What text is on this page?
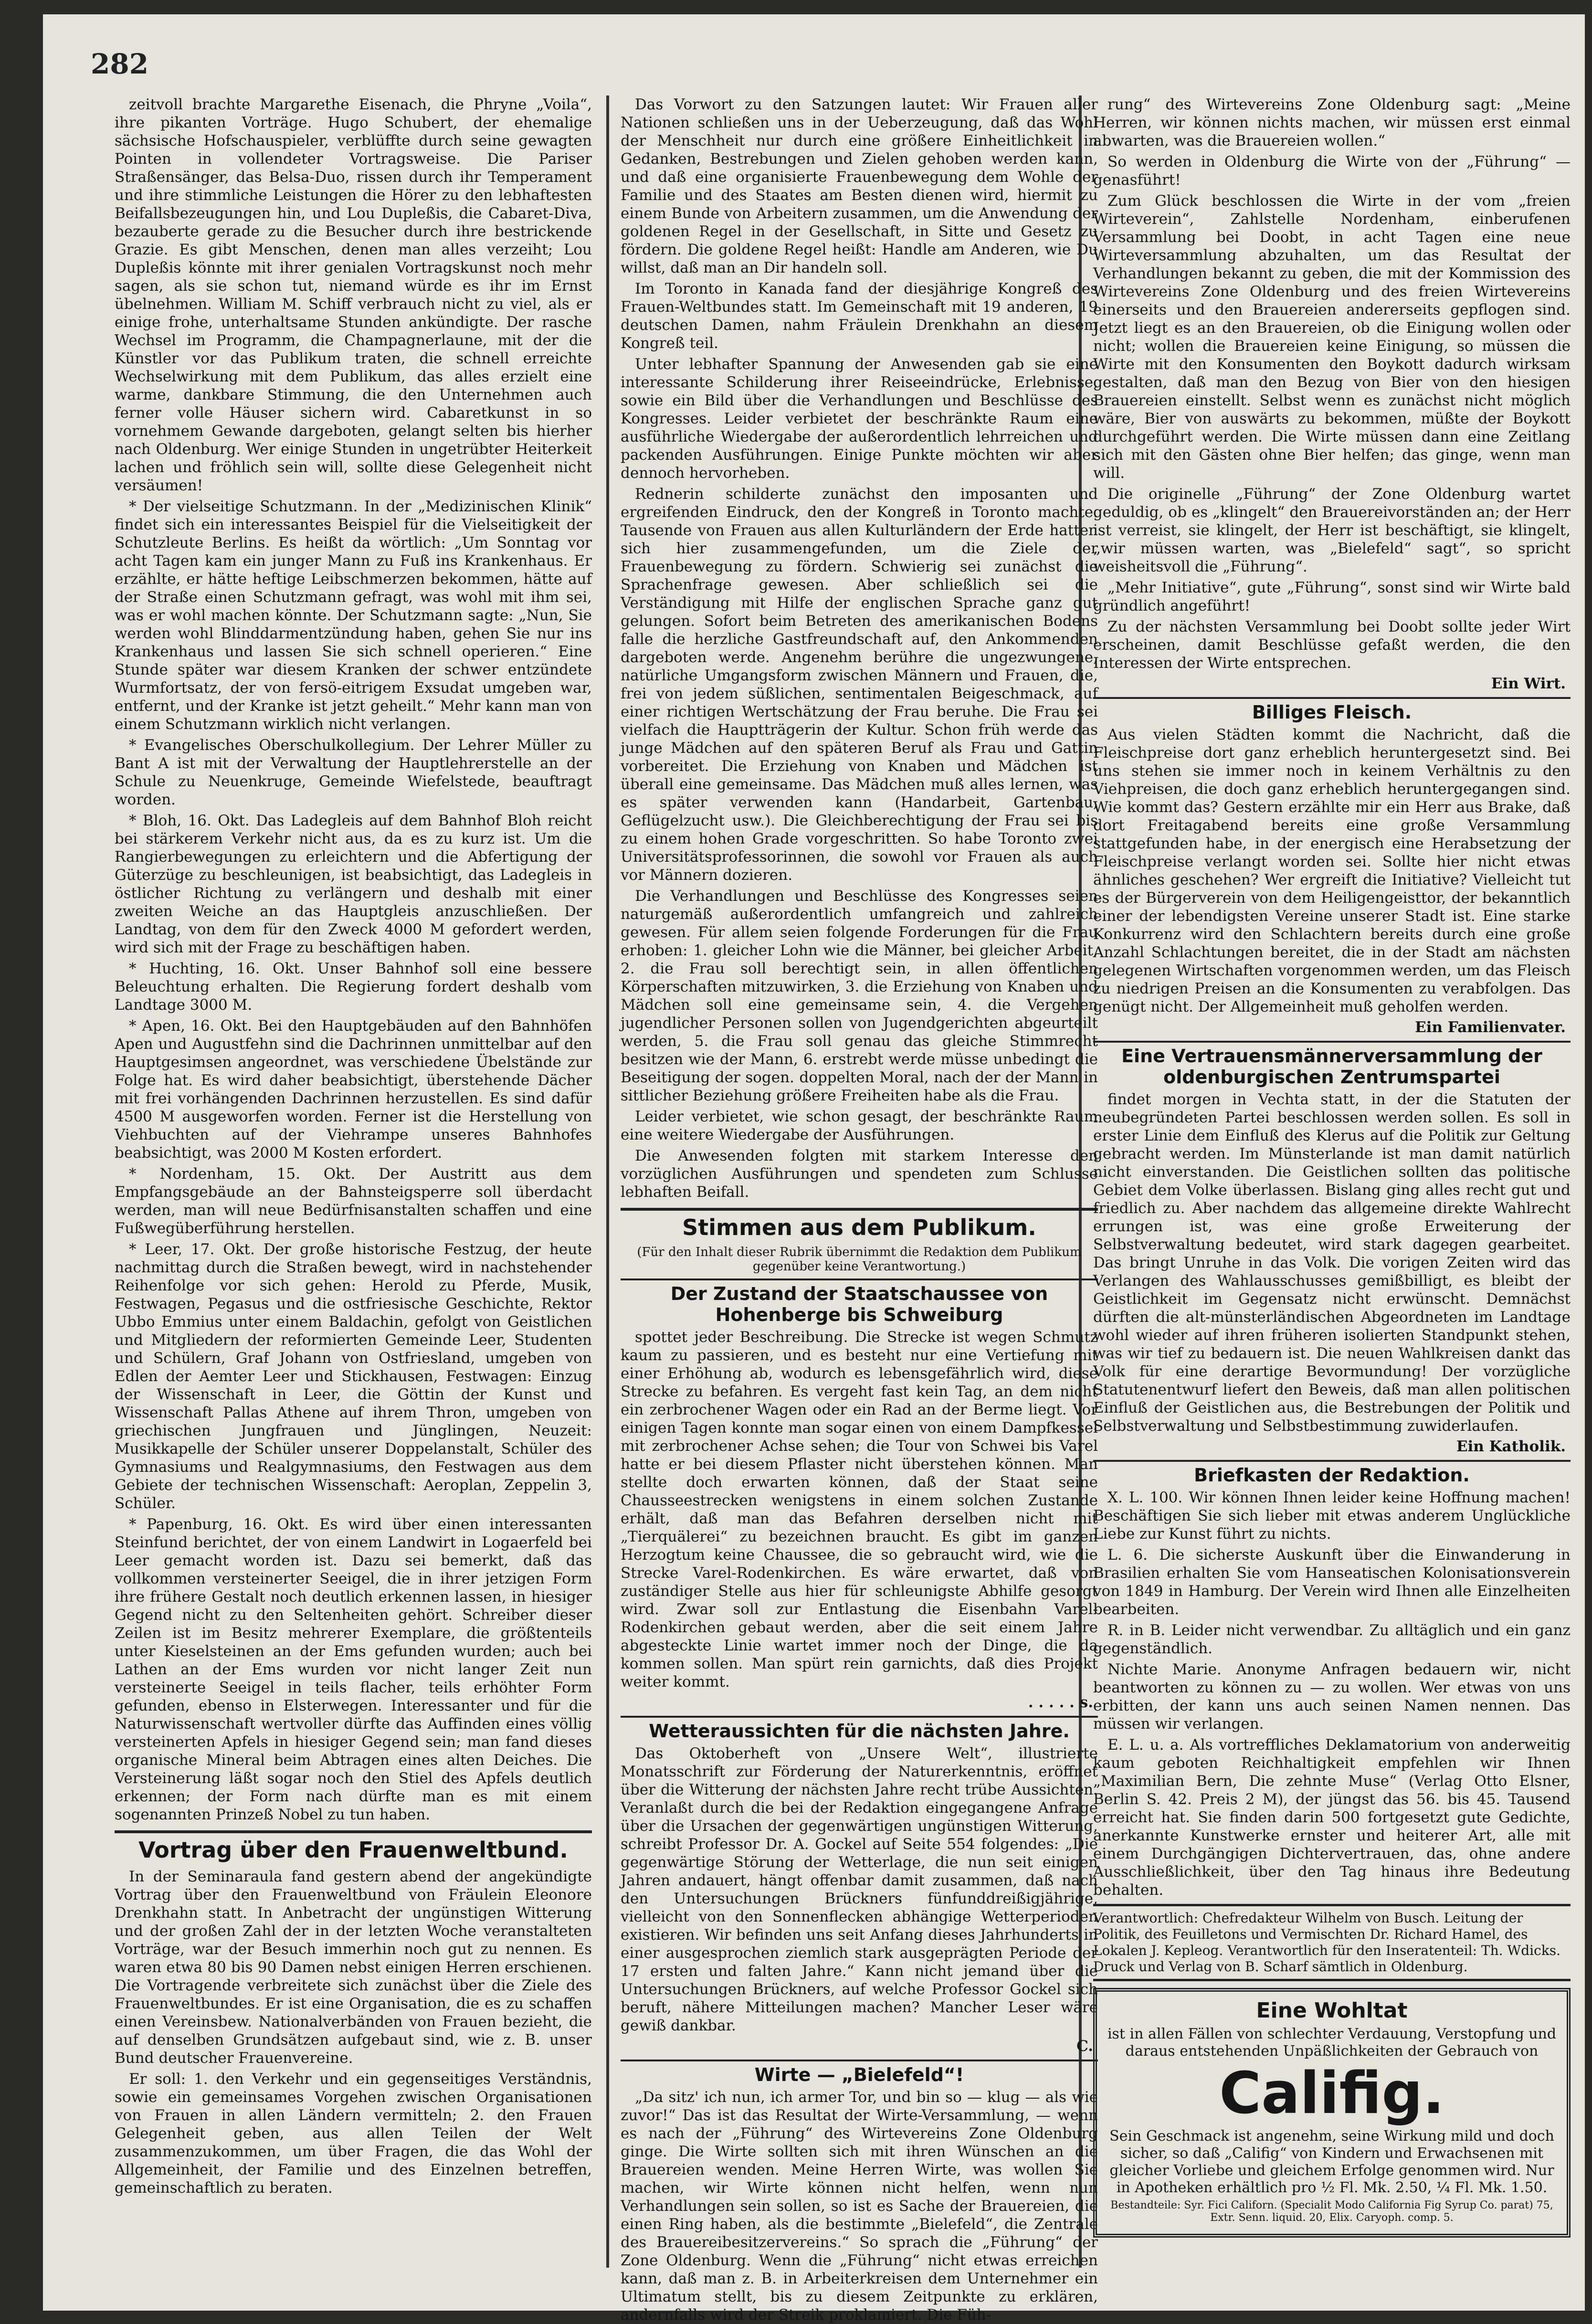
282

zeitvoll brachte Margarethe Eisenach, die Phryne „Voila“, ihre pikanten Vorträge. Hugo Schubert, der ehemalige sächsische Hofschauspieler, verblüffte durch seine gewagten Pointen in vollendeter Vortragsweise. Die Pariser Straßensänger, das Belsa-Duo, rissen durch ihr Temperament und ihre stimmliche Leistungen die Hörer zu den lebhaftesten Beifallsbezeugungen hin, und Lou Dupleßis, die Cabaret-Diva, bezauberte gerade zu die Besucher durch ihre bestrickende Grazie. Es gibt Menschen, denen man alles verzeiht; Lou Dupleßis könnte mit ihrer genialen Vortragskunst noch mehr sagen, als sie schon tut, niemand würde es ihr im Ernst übelnehmen. William M. Schiff verbrauch nicht zu viel, als er einige frohe, unterhaltsame Stunden ankündigte. Der rasche Wechsel im Programm, die Champagnerlaune, mit der die Künstler vor das Publikum traten, die schnell erreichte Wechselwirkung mit dem Publikum, das alles erzielt eine warme, dankbare Stimmung, die den Unternehmen auch ferner volle Häuser sichern wird. Cabaretkunst in so vornehmem Gewande dargeboten, gelangt selten bis hierher nach Oldenburg. Wer einige Stunden in ungetrübter Heiterkeit lachen und fröhlich sein will, sollte diese Gelegenheit nicht versäumen!

* Der vielseitige Schutzmann. In der „Medizinischen Klinik“ findet sich ein interessantes Beispiel für die Vielseitigkeit der Schutzleute Berlins. Es heißt da wörtlich: „Um Sonntag vor acht Tagen kam ein junger Mann zu Fuß ins Krankenhaus. Er erzählte, er hätte heftige Leibschmerzen bekommen, hätte auf der Straße einen Schutzmann gefragt, was wohl mit ihm sei, was er wohl machen könnte. Der Schutzmann sagte: „Nun, Sie werden wohl Blinddarmentzündung haben, gehen Sie nur ins Krankenhaus und lassen Sie sich schnell operieren.“ Eine Stunde später war diesem Kranken der schwer entzündete Wurmfortsatz, der von fersö-eitrigem Exsudat umgeben war, entfernt, und der Kranke ist jetzt geheilt.“ Mehr kann man von einem Schutzmann wirklich nicht verlangen.

* Evangelisches Oberschulkollegium. Der Lehrer Müller zu Bant A ist mit der Verwaltung der Hauptlehrerstelle an der Schule zu Neuenkruge, Gemeinde Wiefelstede, beauftragt worden.

* Bloh, 16. Okt. Das Ladegleis auf dem Bahnhof Bloh reicht bei stärkerem Verkehr nicht aus, da es zu kurz ist. Um die Rangierbewegungen zu erleichtern und die Abfertigung der Güterzüge zu beschleunigen, ist beabsichtigt, das Ladegleis in östlicher Richtung zu verlängern und deshalb mit einer zweiten Weiche an das Hauptgleis anzuschließen. Der Landtag, von dem für den Zweck 4000 M gefordert werden, wird sich mit der Frage zu beschäftigen haben.

* Huchting, 16. Okt. Unser Bahnhof soll eine bessere Beleuchtung erhalten. Die Regierung fordert deshalb vom Landtage 3000 M.

* Apen, 16. Okt. Bei den Hauptgebäuden auf den Bahnhöfen Apen und Augustfehn sind die Dachrinnen unmittelbar auf den Hauptgesimsen angeordnet, was verschiedene Übelstände zur Folge hat. Es wird daher beabsichtigt, überstehende Dächer mit frei vorhängenden Dachrinnen herzustellen. Es sind dafür 4500 M ausgeworfen worden. Ferner ist die Herstellung von Viehbuchten auf der Viehrampe unseres Bahnhofes beabsichtigt, was 2000 M Kosten erfordert.

* Nordenham, 15. Okt. Der Austritt aus dem Empfangsgebäude an der Bahnsteigsperre soll überdacht werden, man will neue Bedürfnisanstalten schaffen und eine Fußwegüberführung herstellen.

* Leer, 17. Okt. Der große historische Festzug, der heute nachmittag durch die Straßen bewegt, wird in nachstehender Reihenfolge vor sich gehen: Herold zu Pferde, Musik, Festwagen, Pegasus und die ostfriesische Geschichte, Rektor Ubbo Emmius unter einem Baldachin, gefolgt von Geistlichen und Mitgliedern der reformierten Gemeinde Leer, Studenten und Schülern, Graf Johann von Ostfriesland, umgeben von Edlen der Aemter Leer und Stickhausen, Festwagen: Einzug der Wissenschaft in Leer, die Göttin der Kunst und Wissenschaft Pallas Athene auf ihrem Thron, umgeben von griechischen Jungfrauen und Jünglingen, Neuzeit: Musikkapelle der Schüler unserer Doppelanstalt, Schüler des Gymnasiums und Realgymnasiums, den Festwagen aus dem Gebiete der technischen Wissenschaft: Aeroplan, Zeppelin 3, Schüler.

* Papenburg, 16. Okt. Es wird über einen interessanten Steinfund berichtet, der von einem Landwirt in Logaerfeld bei Leer gemacht worden ist. Dazu sei bemerkt, daß das vollkommen versteinerter Seeigel, die in ihrer jetzigen Form ihre frühere Gestalt noch deutlich erkennen lassen, in hiesiger Gegend nicht zu den Seltenheiten gehört. Schreiber dieser Zeilen ist im Besitz mehrerer Exemplare, die größtenteils unter Kieselsteinen an der Ems gefunden wurden; auch bei Lathen an der Ems wurden vor nicht langer Zeit nun versteinerte Seeigel in teils flacher, teils erhöhter Form gefunden, ebenso in Elsterwegen. Interessanter und für die Naturwissenschaft wertvoller dürfte das Auffinden eines völlig versteinerten Apfels in hiesiger Gegend sein; man fand dieses organische Mineral beim Abtragen eines alten Deiches. Die Versteinerung läßt sogar noch den Stiel des Apfels deutlich erkennen; der Form nach dürfte man es mit einem sogenannten Prinzeß Nobel zu tun haben.

Vortrag über den Frauenweltbund.

In der Seminaraula fand gestern abend der angekündigte Vortrag über den Frauenweltbund von Fräulein Eleonore Drenkhahn statt. In Anbetracht der ungünstigen Witterung und der großen Zahl der in der letzten Woche veranstalteten Vorträge, war der Besuch immerhin noch gut zu nennen. Es waren etwa 80 bis 90 Damen nebst einigen Herren erschienen. Die Vortragende verbreitete sich zunächst über die Ziele des Frauenweltbundes. Er ist eine Organisation, die es zu schaffen einen Vereinsbew. Nationalverbänden von Frauen bezieht, die auf denselben Grundsätzen aufgebaut sind, wie z. B. unser Bund deutscher Frauenvereine.

Er soll: 1. den Verkehr und ein gegenseitiges Verständnis, sowie ein gemeinsames Vorgehen zwischen Organisationen von Frauen in allen Ländern vermitteln; 2. den Frauen Gelegenheit geben, aus allen Teilen der Welt zusammenzukommen, um über Fragen, die das Wohl der Allgemeinheit, der Familie und des Einzelnen betreffen, gemeinschaftlich zu beraten.

Das Vorwort zu den Satzungen lautet: Wir Frauen aller Nationen schließen uns in der Ueberzeugung, daß das Wohl der Menschheit nur durch eine größere Einheitlichkeit in Gedanken, Bestrebungen und Zielen gehoben werden kann, und daß eine organisierte Frauenbewegung dem Wohle der Familie und des Staates am Besten dienen wird, hiermit zu einem Bunde von Arbeitern zusammen, um die Anwendung der goldenen Regel in der Gesellschaft, in Sitte und Gesetz zu fördern. Die goldene Regel heißt: Handle am Anderen, wie Du willst, daß man an Dir handeln soll.

Im Toronto in Kanada fand der diesjährige Kongreß des Frauen-Weltbundes statt. Im Gemeinschaft mit 19 anderen, 19 deutschen Damen, nahm Fräulein Drenkhahn an diesem Kongreß teil.

Unter lebhafter Spannung der Anwesenden gab sie eine interessante Schilderung ihrer Reiseeindrücke, Erlebnisse, sowie ein Bild über die Verhandlungen und Beschlüsse des Kongresses. Leider verbietet der beschränkte Raum eine ausführliche Wiedergabe der außerordentlich lehrreichen und packenden Ausführungen. Einige Punkte möchten wir aber dennoch hervorheben.

Rednerin schilderte zunächst den imposanten und ergreifenden Eindruck, den der Kongreß in Toronto machte. Tausende von Frauen aus allen Kulturländern der Erde hatten sich hier zusammengefunden, um die Ziele der Frauenbewegung zu fördern. Schwierig sei zunächst die Sprachenfrage gewesen. Aber schließlich sei die Verständigung mit Hilfe der englischen Sprache ganz gut gelungen. Sofort beim Betreten des amerikanischen Bodens falle die herzliche Gastfreundschaft auf, den Ankommenden dargeboten werde. Angenehm berühre die ungezwungene, natürliche Umgangsform zwischen Männern und Frauen, die, frei von jedem süßlichen, sentimentalen Beigeschmack, auf einer richtigen Wertschätzung der Frau beruhe. Die Frau sei vielfach die Hauptträgerin der Kultur. Schon früh werde das junge Mädchen auf den späteren Beruf als Frau und Gattin vorbereitet. Die Erziehung von Knaben und Mädchen ist überall eine gemeinsame. Das Mädchen muß alles lernen, was es später verwenden kann (Handarbeit, Gartenbau, Geflügelzucht usw.). Die Gleichberechtigung der Frau sei bis zu einem hohen Grade vorgeschritten. So habe Toronto zwei Universitätsprofessorinnen, die sowohl vor Frauen als auch vor Männern dozieren.

Die Verhandlungen und Beschlüsse des Kongresses seien naturgemäß außerordentlich umfangreich und zahlreich gewesen. Für allem seien folgende Forderungen für die Frau erhoben: 1. gleicher Lohn wie die Männer, bei gleicher Arbeit, 2. die Frau soll berechtigt sein, in allen öffentlichen Körperschaften mitzuwirken, 3. die Erziehung von Knaben und Mädchen soll eine gemeinsame sein, 4. die Vergehen jugendlicher Personen sollen von Jugendgerichten abgeurteilt werden, 5. die Frau soll genau das gleiche Stimmrecht besitzen wie der Mann, 6. erstrebt werde müsse unbedingt die Beseitigung der sogen. doppelten Moral, nach der der Mann in sittlicher Beziehung größere Freiheiten habe als die Frau.

Leider verbietet, wie schon gesagt, der beschränkte Raum eine weitere Wiedergabe der Ausführungen.

Die Anwesenden folgten mit starkem Interesse den vorzüglichen Ausführungen und spendeten zum Schlusse lebhaften Beifall.

Stimmen aus dem Publikum.

(Für den Inhalt dieser Rubrik übernimmt die Redaktion dem Publikum gegenüber keine Verantwortung.)

Der Zustand der Staatschaussee von Hohenberge bis Schweiburg

spottet jeder Beschreibung. Die Strecke ist wegen Schmutz kaum zu passieren, und es besteht nur eine Vertiefung mit einer Erhöhung ab, wodurch es lebensgefährlich wird, diese Strecke zu befahren. Es vergeht fast kein Tag, an dem nicht ein zerbrochener Wagen oder ein Rad an der Berme liegt. Vor einigen Tagen konnte man sogar einen von einem Dampfkessel mit zerbrochener Achse sehen; die Tour von Schwei bis Varel hatte er bei diesem Pflaster nicht überstehen können. Man stellte doch erwarten können, daß der Staat seine Chausseestrecken wenigstens in einem solchen Zustande erhält, daß man das Befahren derselben nicht mit „Tierquälerei“ zu bezeichnen braucht. Es gibt im ganzen Herzogtum keine Chaussee, die so gebraucht wird, wie die Strecke Varel-Rodenkirchen. Es wäre erwartet, daß von zuständiger Stelle aus hier für schleunigste Abhilfe gesorgt wird. Zwar soll zur Entlastung die Eisenbahn Varel-Rodenkirchen gebaut werden, aber die seit einem Jahre abgesteckte Linie wartet immer noch der Dinge, die da kommen sollen. Man spürt rein garnichts, daß dies Projekt weiter kommt.

. . . . . s.

Wetteraussichten für die nächsten Jahre.

Das Oktoberheft von „Unsere Welt“, illustrierte Monatsschrift zur Förderung der Naturerkenntnis, eröffnet über die Witterung der nächsten Jahre recht trübe Aussichten. Veranlaßt durch die bei der Redaktion eingegangene Anfrage über die Ursachen der gegenwärtigen ungünstigen Witterung, schreibt Professor Dr. A. Gockel auf Seite 554 folgendes: „Die gegenwärtige Störung der Wetterlage, die nun seit einigen Jahren andauert, hängt offenbar damit zusammen, daß nach den Untersuchungen Brückners fünfunddreißigjährige, vielleicht von den Sonnenflecken abhängige Wetterperioden existieren. Wir befinden uns seit Anfang dieses Jahrhunderts in einer ausgesprochen ziemlich stark ausgeprägten Periode der 17 ersten und falten Jahre.“ Kann nicht jemand über die Untersuchungen Brückners, auf welche Professor Gockel sich beruft, nähere Mitteilungen machen? Mancher Leser wäre gewiß dankbar.

C.

Wirte — „Bielefeld“!

„Da sitz' ich nun, ich armer Tor, und bin so — klug — als wie zuvor!“ Das ist das Resultat der Wirte-Versammlung, — wenn es nach der „Führung“ des Wirtevereins Zone Oldenburg ginge. Die Wirte sollten sich mit ihren Wünschen an die Brauereien wenden. Meine Herren Wirte, was wollen Sie machen, wir Wirte können nicht helfen, wenn nun Verhandlungen sein sollen, so ist es Sache der Brauereien, die einen Ring haben, als die bestimmte „Bielefeld“, die Zentrale des Brauereibesitzervereins.“ So sprach die „Führung“ der Zone Oldenburg. Wenn die „Führung“ nicht etwas erreichen kann, daß man z. B. in Arbeiterkreisen dem Unternehmer ein Ultimatum stellt, bis zu diesem Zeitpunkte zu erklären, andernfalls wird der Streik proklamiert. Die Füh-

rung“ des Wirtevereins Zone Oldenburg sagt: „Meine Herren, wir können nichts machen, wir müssen erst einmal abwarten, was die Brauereien wollen.“

So werden in Oldenburg die Wirte von der „Führung“ — genasführt!

Zum Glück beschlossen die Wirte in der vom „freien Wirteverein“, Zahlstelle Nordenham, einberufenen Versammlung bei Doobt, in acht Tagen eine neue Wirteversammlung abzuhalten, um das Resultat der Verhandlungen bekannt zu geben, die mit der Kommission des Wirtevereins Zone Oldenburg und des freien Wirtevereins einerseits und den Brauereien andererseits gepflogen sind. Jetzt liegt es an den Brauereien, ob die Einigung wollen oder nicht; wollen die Brauereien keine Einigung, so müssen die Wirte mit den Konsumenten den Boykott dadurch wirksam gestalten, daß man den Bezug von Bier von den hiesigen Brauereien einstellt. Selbst wenn es zunächst nicht möglich wäre, Bier von auswärts zu bekommen, müßte der Boykott durchgeführt werden. Die Wirte müssen dann eine Zeitlang sich mit den Gästen ohne Bier helfen; das ginge, wenn man will.

Die originelle „Führung“ der Zone Oldenburg wartet geduldig, ob es „klingelt“ den Brauereivorständen an; der Herr ist verreist, sie klingelt, der Herr ist beschäftigt, sie klingelt, „wir müssen warten, was „Bielefeld“ sagt“, so spricht weisheitsvoll die „Führung“.

„Mehr Initiative“, gute „Führung“, sonst sind wir Wirte bald gründlich angeführt!

Zu der nächsten Versammlung bei Doobt sollte jeder Wirt erscheinen, damit Beschlüsse gefaßt werden, die den Interessen der Wirte entsprechen.

Ein Wirt.

Billiges Fleisch.

Aus vielen Städten kommt die Nachricht, daß die Fleischpreise dort ganz erheblich heruntergesetzt sind. Bei uns stehen sie immer noch in keinem Verhältnis zu den Viehpreisen, die doch ganz erheblich heruntergegangen sind. Wie kommt das? Gestern erzählte mir ein Herr aus Brake, daß dort Freitagabend bereits eine große Versammlung stattgefunden habe, in der energisch eine Herabsetzung der Fleischpreise verlangt worden sei. Sollte hier nicht etwas ähnliches geschehen? Wer ergreift die Initiative? Vielleicht tut es der Bürgerverein von dem Heiligengeisttor, der bekanntlich einer der lebendigsten Vereine unserer Stadt ist. Eine starke Konkurrenz wird den Schlachtern bereits durch eine große Anzahl Schlachtungen bereitet, die in der Stadt am nächsten gelegenen Wirtschaften vorgenommen werden, um das Fleisch zu niedrigen Preisen an die Konsumenten zu verabfolgen. Das genügt nicht. Der Allgemeinheit muß geholfen werden.

Ein Familienvater.

Eine Vertrauensmännerversammlung der oldenburgischen Zentrumspartei

findet morgen in Vechta statt, in der die Statuten der neubegründeten Partei beschlossen werden sollen. Es soll in erster Linie dem Einfluß des Klerus auf die Politik zur Geltung gebracht werden. Im Münsterlande ist man damit natürlich nicht einverstanden. Die Geistlichen sollten das politische Gebiet dem Volke überlassen. Bislang ging alles recht gut und friedlich zu. Aber nachdem das allgemeine direkte Wahlrecht errungen ist, was eine große Erweiterung der Selbstverwaltung bedeutet, wird stark dagegen gearbeitet. Das bringt Unruhe in das Volk. Die vorigen Zeiten wird das Verlangen des Wahlausschusses gemißbilligt, es bleibt der Geistlichkeit im Gegensatz nicht erwünscht. Demnächst dürften die alt-münsterländischen Abgeordneten im Landtage wohl wieder auf ihren früheren isolierten Standpunkt stehen, was wir tief zu bedauern ist. Die neuen Wahlkreisen dankt das Volk für eine derartige Bevormundung! Der vorzügliche Statutenentwurf liefert den Beweis, daß man allen politischen Einfluß der Geistlichen aus, die Bestrebungen der Politik und Selbstverwaltung und Selbstbestimmung zuwiderlaufen.

Ein Katholik.

Briefkasten der Redaktion.

X. L. 100. Wir können Ihnen leider keine Hoffnung machen! Beschäftigen Sie sich lieber mit etwas anderem Unglückliche Liebe zur Kunst führt zu nichts.

L. 6. Die sicherste Auskunft über die Einwanderung in Brasilien erhalten Sie vom Hanseatischen Kolonisationsverein von 1849 in Hamburg. Der Verein wird Ihnen alle Einzelheiten bearbeiten.

R. in B. Leider nicht verwendbar. Zu alltäglich und ein ganz gegenständlich.

Nichte Marie. Anonyme Anfragen bedauern wir, nicht beantworten zu können zu — zu wollen. Wer etwas von uns erbitten, der kann uns auch seinen Namen nennen. Das müssen wir verlangen.

E. L. u. a. Als vortreffliches Deklamatorium von anderweitig kaum geboten Reichhaltigkeit empfehlen wir Ihnen „Maximilian Bern, Die zehnte Muse“ (Verlag Otto Elsner, Berlin S. 42. Preis 2 M), der jüngst das 56. bis 45. Tausend erreicht hat. Sie finden darin 500 fortgesetzt gute Gedichte, anerkannte Kunstwerke ernster und heiterer Art, alle mit einem Durchgängigen Dichtervertrauen, das, ohne andere Ausschließlichkeit, über den Tag hinaus ihre Bedeutung behalten.

Verantwortlich: Chefredakteur Wilhelm von Busch. Leitung der Politik, des Feuilletons und Vermischten Dr. Richard Hamel, des Lokalen J. Kepleog. Verantwortlich für den Inseratenteil: Th. Wdicks. Druck und Verlag von B. Scharf sämtlich in Oldenburg.
Eine Wohltat

ist in allen Fällen von schlechter Verdauung, Verstopfung und daraus entstehenden Unpäßlichkeiten der Gebrauch von

Califig.

Sein Geschmack ist angenehm, seine Wirkung mild und doch sicher, so daß „Califig“ von Kindern und Erwachsenen mit gleicher Vorliebe und gleichem Erfolge genommen wird. Nur in Apotheken erhältlich pro ½ Fl. Mk. 2.50, ¼ Fl. Mk. 1.50.

Bestandteile: Syr. Fici Californ. (Specialit Modo California Fig Syrup Co. parat) 75, Extr. Senn. liquid. 20, Elix. Caryoph. comp. 5.
